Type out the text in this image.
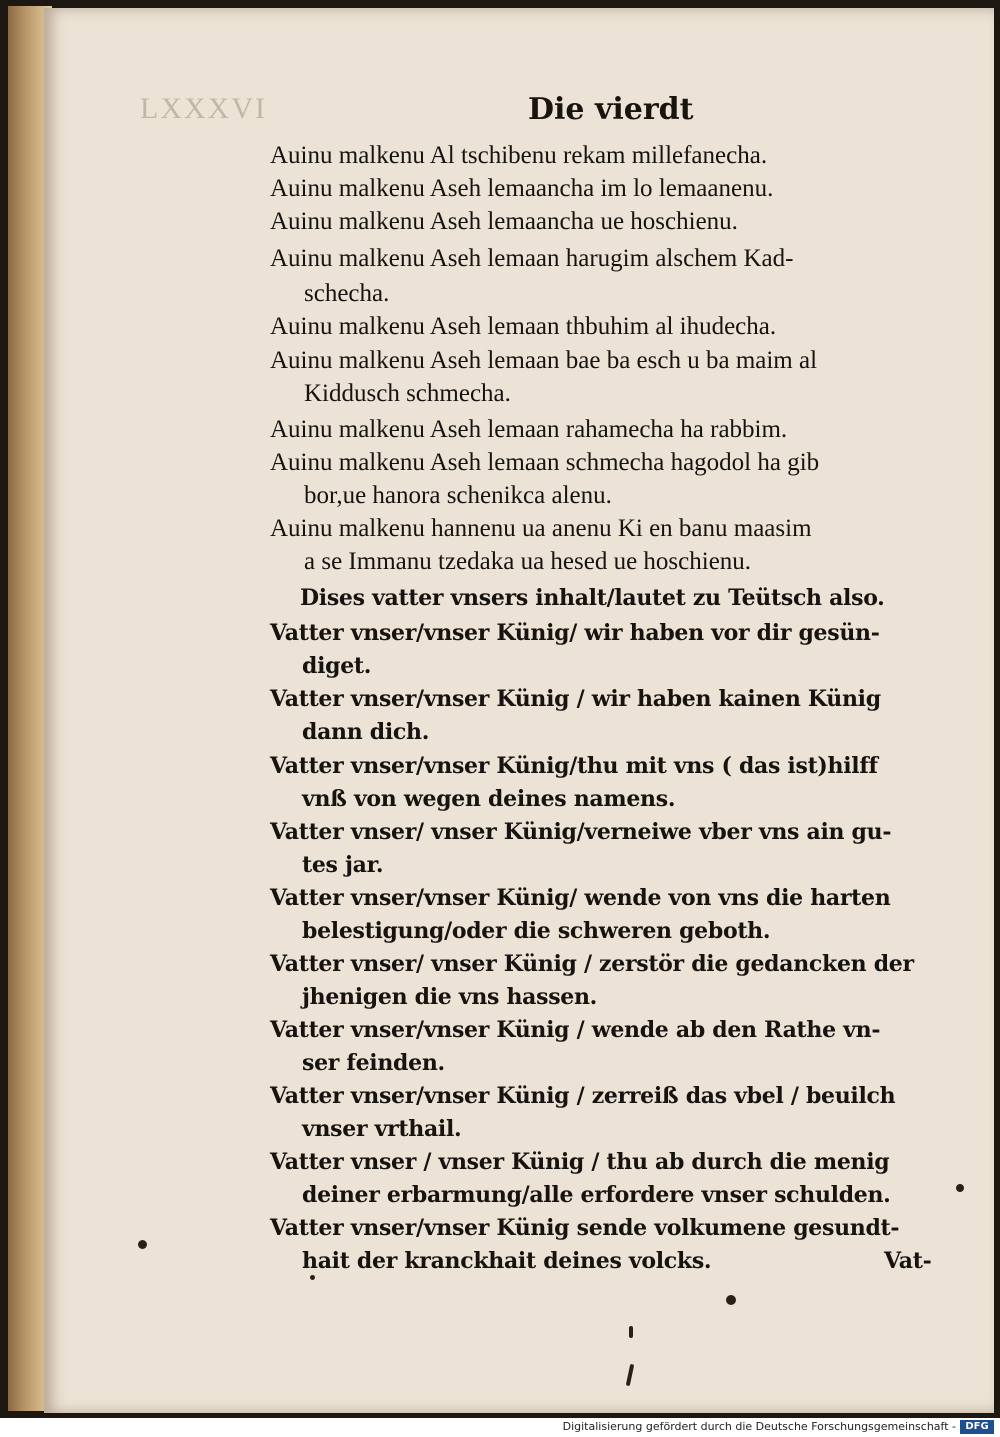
LXXXVI	Die vierdt
Auinu malkenu Al tschibenu rekam millefanecha.
Auinu malkenu Aseh lemaancha im lo lemaanenu.
Auinu malkenu Aseh lemaancha ue hoschienu.
Auinu malkenu Aseh lemaan harugim alschem Kad-
schecha.
Auinu malkenu Aseh lemaan thbuhim al ihudecha.
Auinu malkenu Aseh lemaan bae ba esch u ba maim al
Kiddusch schmecha.
Auinu malkenu Aseh lemaan rahamecha ha rabbim.
Auinu malkenu Aseh lemaan schmecha hagodol ha gib
bor,ue hanora schenikca alenu.
Auinu malkenu hannenu ua anenu Ki en banu maasim
a se Immanu tzedaka ua hesed ue hoschienu.
Dises vatter vnsers inhalt/lautet zu Teütsch also.
Vatter vnser/vnser Künig/ wir haben vor dir gesün-
diget.
Vatter vnser/vnser Künig / wir haben kainen Künig
dann dich.
Vatter vnser/vnser Künig/thu mit vns ( das ist)hilff
vnß von wegen deines namens.
Vatter vnser/ vnser Künig/verneiwe vber vns ain gu-
tes jar.
Vatter vnser/vnser Künig/ wende von vns die harten
belestigung/oder die schweren geboth.
Vatter vnser/ vnser Künig / zerstör die gedancken der
jhenigen die vns hassen.
Vatter vnser/vnser Künig / wende ab den Rathe vn-
ser feinden.
Vatter vnser/vnser Künig / zerreiß das vbel / beuilch
vnser vrthail.
Vatter vnser / vnser Künig / thu ab durch die menig
deiner erbarmung/alle erfordere vnser schulden.
Vatter vnser/vnser Künig sende volkumene gesundt-
hait der kranckhait deines volcks.	Vat-
Digitalisierung gefördert durch die Deutsche Forschungsgemeinschaft - DFG
